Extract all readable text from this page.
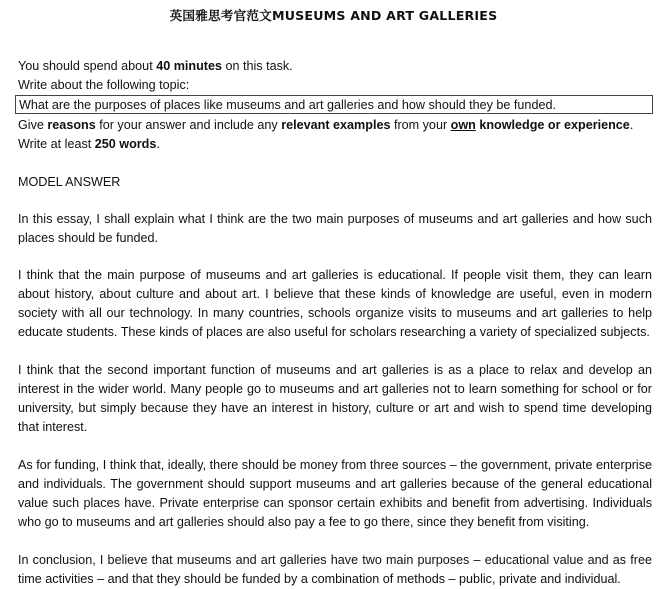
英国雅思考官范文MUSEUMS AND ART GALLERIES
You should spend about 40 minutes on this task.
Write about the following topic:
What are the purposes of places like museums and art galleries and how should they be funded.
Give reasons for your answer and include any relevant examples from your own knowledge or experience.
Write at least 250 words.
MODEL ANSWER
In this essay, I shall explain what I think are the two main purposes of museums and art galleries and how such places should be funded.
I think that the main purpose of museums and art galleries is educational. If people visit them, they can learn about history, about culture and about art. I believe that these kinds of knowledge are useful, even in modern society with all our technology. In many countries, schools organize visits to museums and art galleries to help educate students. These kinds of places are also useful for scholars researching a variety of specialized subjects.
I think that the second important function of museums and art galleries is as a place to relax and develop an interest in the wider world. Many people go to museums and art galleries not to learn something for school or for university, but simply because they have an interest in history, culture or art and wish to spend time developing that interest.
As for funding, I think that, ideally, there should be money from three sources – the government, private enterprise and individuals. The government should support museums and art galleries because of the general educational value such places have. Private enterprise can sponsor certain exhibits and benefit from advertising. Individuals who go to museums and art galleries should also pay a fee to go there, since they benefit from visiting.
In conclusion, I believe that museums and art galleries have two main purposes – educational value and as free time activities – and that they should be funded by a combination of methods – public, private and individual.
